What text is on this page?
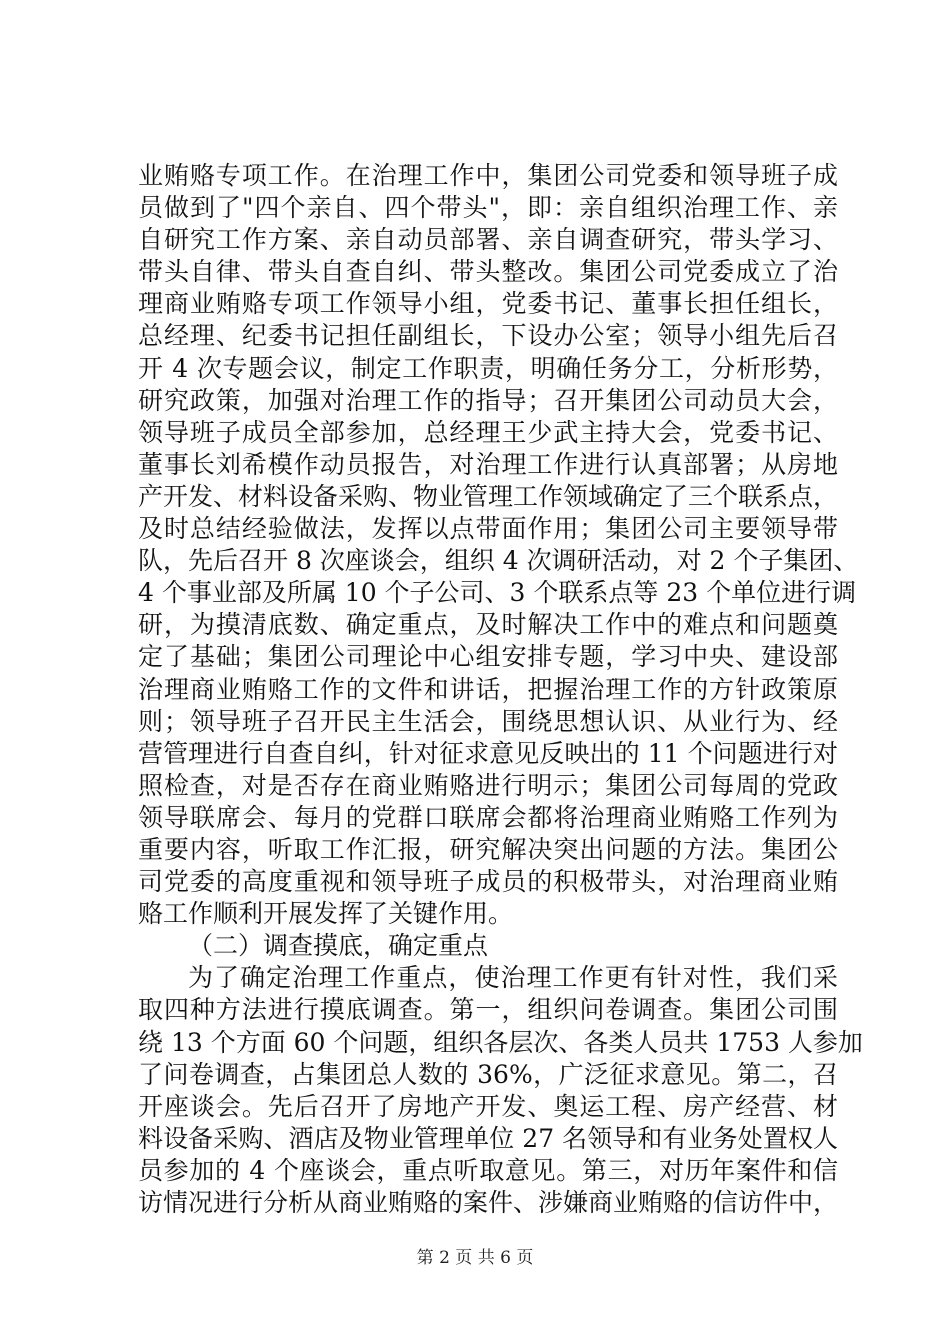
业贿赂专项工作。在治理工作中，集团公司党委和领导班子成
员做到了"四个亲自、四个带头"，即：亲自组织治理工作、亲
自研究工作方案、亲自动员部署、亲自调查研究，带头学习、
带头自律、带头自查自纠、带头整改。集团公司党委成立了治
理商业贿赂专项工作领导小组，党委书记、董事长担任组长，
总经理、纪委书记担任副组长，下设办公室；领导小组先后召
开 4 次专题会议，制定工作职责，明确任务分工，分析形势，
研究政策，加强对治理工作的指导；召开集团公司动员大会，
领导班子成员全部参加，总经理王少武主持大会，党委书记、
董事长刘希模作动员报告，对治理工作进行认真部署；从房地
产开发、材料设备采购、物业管理工作领域确定了三个联系点，
及时总结经验做法，发挥以点带面作用；集团公司主要领导带
队，先后召开 8 次座谈会，组织 4 次调研活动，对 2 个子集团、
4 个事业部及所属 10 个子公司、3 个联系点等 23 个单位进行调
研，为摸清底数、确定重点，及时解决工作中的难点和问题奠
定了基础；集团公司理论中心组安排专题，学习中央、建设部
治理商业贿赂工作的文件和讲话，把握治理工作的方针政策原
则；领导班子召开民主生活会，围绕思想认识、从业行为、经
营管理进行自查自纠，针对征求意见反映出的 11 个问题进行对
照检查，对是否存在商业贿赂进行明示；集团公司每周的党政
领导联席会、每月的党群口联席会都将治理商业贿赂工作列为
重要内容，听取工作汇报，研究解决突出问题的方法。集团公
司党委的高度重视和领导班子成员的积极带头，对治理商业贿
赂工作顺利开展发挥了关键作用。
（二）调查摸底，确定重点
为了确定治理工作重点，使治理工作更有针对性，我们采
取四种方法进行摸底调查。第一，组织问卷调查。集团公司围
绕 13 个方面 60 个问题，组织各层次、各类人员共 1753 人参加
了问卷调查，占集团总人数的 36%，广泛征求意见。第二，召
开座谈会。先后召开了房地产开发、奥运工程、房产经营、材
料设备采购、酒店及物业管理单位 27 名领导和有业务处置权人
员参加的 4 个座谈会，重点听取意见。第三，对历年案件和信
访情况进行分析从商业贿赂的案件、涉嫌商业贿赂的信访件中，
第 2 页 共 6 页
